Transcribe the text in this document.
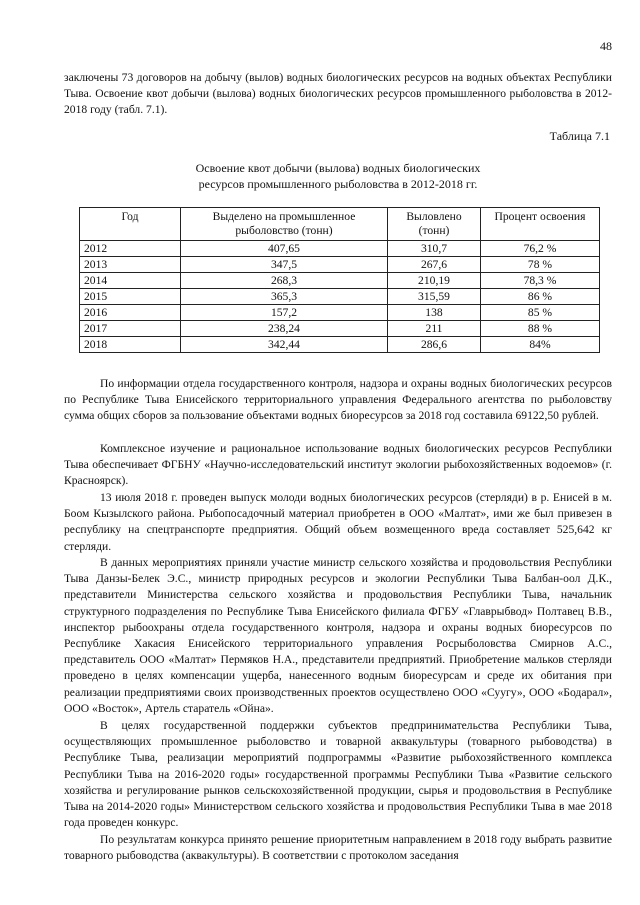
48

заключены 73 договоров на добычу (вылов) водных биологических ресурсов на водных объектах Республики Тыва. Освоение квот добычи (вылова) водных биологических ресурсов промышленного рыболовства в 2012-2018 году (табл. 7.1).

Таблица 7.1
Освоение квот добычи (вылова) водных биологических
ресурсов промышленного рыболовства в 2012-2018 гг.
Год	Выделено на промышленное рыболовство (тонн)	Выловлено (тонн)	Процент освоения
2012	407,65	310,7	76,2 %
2013	347,5	267,6	78 %
2014	268,3	210,19	78,3 %
2015	365,3	315,59	86 %
2016	157,2	138	85 %
2017	238,24	211	88 %
2018	342,44	286,6	84%

По информации отдела государственного контроля, надзора и охраны водных биологических ресурсов по Республике Тыва Енисейского территориального управления Федерального агентства по рыболовству сумма общих сборов за пользование объектами водных биоресурсов за 2018 год составила 69122,50 рублей.

Комплексное изучение и рациональное использование водных биологических ресурсов Республики Тыва обеспечивает ФГБНУ «Научно-исследовательский институт экологии рыбохозяйственных водоемов» (г. Красноярск).

13 июля 2018 г. проведен выпуск молоди водных биологических ресурсов (стерляди) в р. Енисей в м. Боом Кызылского района. Рыбопосадочный материал приобретен в ООО «Малтат», ими же был привезен в республику на спецтранспорте предприятия. Общий объем возмещенного вреда составляет 525,642 кг стерляди.

В данных мероприятиях приняли участие министр сельского хозяйства и продовольствия Республики Тыва Данзы-Белек Э.С., министр природных ресурсов и экологии Республики Тыва Балбан-оол Д.К., представители Министерства сельского хозяйства и продовольствия Республики Тыва, начальник структурного подразделения по Республике Тыва Енисейского филиала ФГБУ «Главрыбвод» Полтавец В.В., инспектор рыбоохраны отдела государственного контроля, надзора и охраны водных биоресурсов по Республике Хакасия Енисейского территориального управления Росрыболовства Смирнов А.С., представитель ООО «Малтат» Пермяков Н.А., представители предприятий. Приобретение мальков стерляди проведено в целях компенсации ущерба, нанесенного водным биоресурсам и среде их обитания при реализации предприятиями своих производственных проектов осуществлено ООО «Суугу», ООО «Бодарал», ООО «Восток», Артель старатель «Ойна».

В целях государственной поддержки субъектов предпринимательства Республики Тыва, осуществляющих промышленное рыболовство и товарной аквакультуры (товарного рыбоводства) в Республике Тыва, реализации мероприятий подпрограммы «Развитие рыбохозяйственного комплекса Республики Тыва на 2016-2020 годы» государственной программы Республики Тыва «Развитие сельского хозяйства и регулирование рынков сельскохозяйственной продукции, сырья и продовольствия в Республике Тыва на 2014-2020 годы» Министерством сельского хозяйства и продовольствия Республики Тыва в мае 2018 года проведен конкурс.

По результатам конкурса принято решение приоритетным направлением в 2018 году выбрать развитие товарного рыбоводства (аквакультуры). В соответствии с протоколом заседания
